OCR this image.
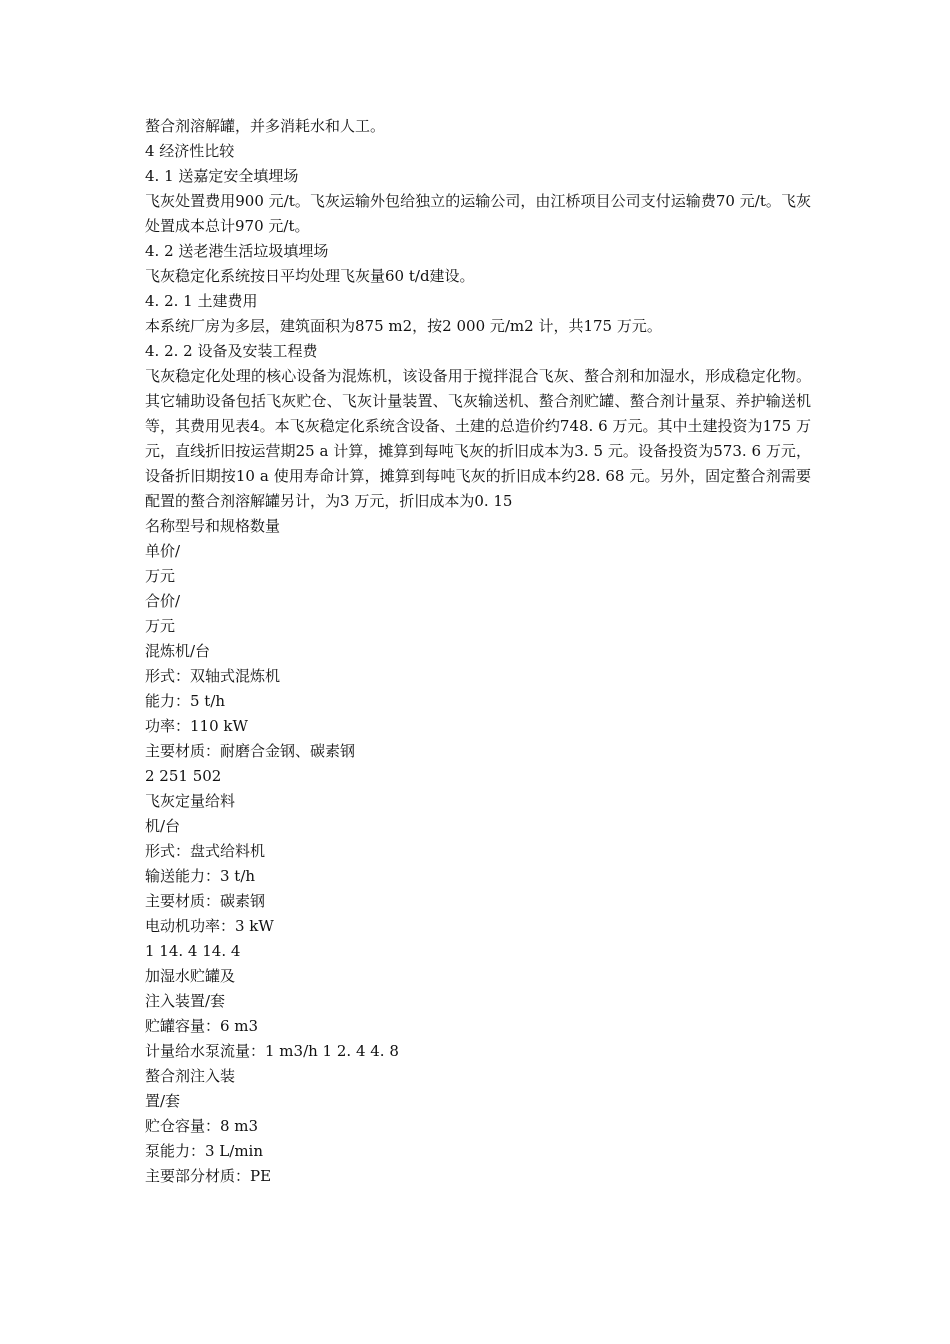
螯合剂溶解罐，并多消耗水和人工。
4 经济性比较
4. 1 送嘉定安全填埋场
飞灰处置费用900 元/t。飞灰运输外包给独立的运输公司，由江桥项目公司支付运输费70 元/t。飞灰处置成本总计970 元/t。
4. 2 送老港生活垃圾填埋场
飞灰稳定化系统按日平均处理飞灰量60 t/d建设。
4. 2. 1 土建费用
本系统厂房为多层，建筑面积为875 m2，按2 000 元/m2 计，共175 万元。
4. 2. 2 设备及安装工程费
飞灰稳定化处理的核心设备为混炼机，该设备用于搅拌混合飞灰、螯合剂和加湿水，形成稳定化物。其它辅助设备包括飞灰贮仓、飞灰计量装置、飞灰输送机、螯合剂贮罐、螯合剂计量泵、养护输送机等，其费用见表4。本飞灰稳定化系统含设备、土建的总造价约748. 6 万元。其中土建投资为175 万元，直线折旧按运营期25 a 计算，摊算到每吨飞灰的折旧成本为3. 5 元。设备投资为573. 6 万元，设备折旧期按10 a 使用寿命计算，摊算到每吨飞灰的折旧成本约28. 68 元。另外，固定螯合剂需要配置的螯合剂溶解罐另计，为3 万元，折旧成本为0. 15
名称型号和规格数量
单价/
万元
合价/
万元
混炼机/台
形式：双轴式混炼机
能力：5 t/h
功率：110 kW
主要材质：耐磨合金钢、碳素钢
2 251 502
飞灰定量给料
机/台
形式：盘式给料机
输送能力：3 t/h
主要材质：碳素钢
电动机功率：3 kW
1 14. 4 14. 4
加湿水贮罐及
注入装置/套
贮罐容量：6 m3
计量给水泵流量：1 m3/h 1 2. 4 4. 8
螯合剂注入装
置/套
贮仓容量：8 m3
泵能力：3 L/min
主要部分材质：PE
